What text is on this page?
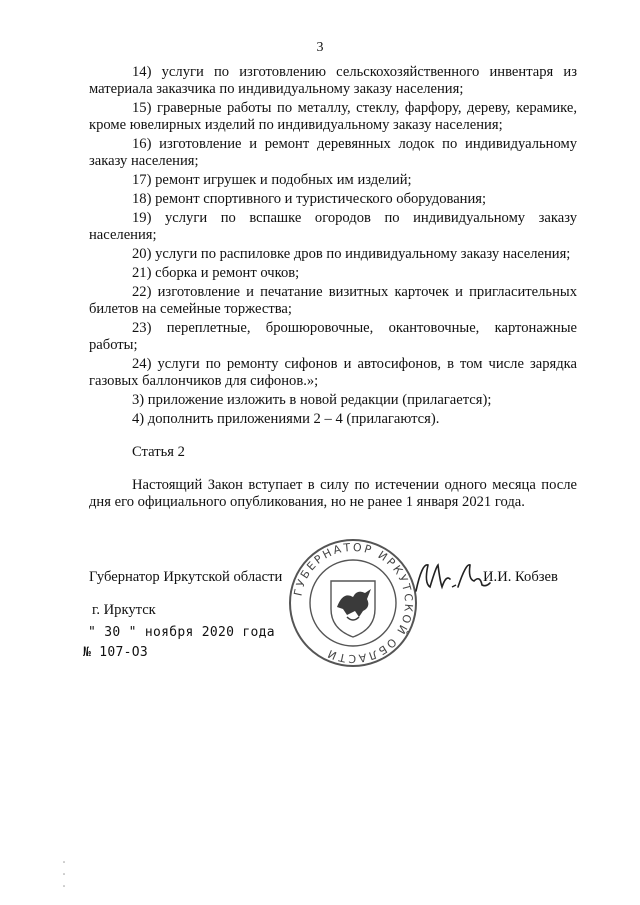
3

14) услуги по изготовлению сельскохозяйственного инвентаря из материала заказчика по индивидуальному заказу населения;

15) граверные работы по металлу, стеклу, фарфору, дереву, керамике, кроме ювелирных изделий по индивидуальному заказу населения;

16) изготовление и ремонт деревянных лодок по индивидуальному заказу населения;

17) ремонт игрушек и подобных им изделий;

18) ремонт спортивного и туристического оборудования;

19) услуги по вспашке огородов по индивидуальному заказу населения;

20) услуги по распиловке дров по индивидуальному заказу населения;

21) сборка и ремонт очков;

22) изготовление и печатание визитных карточек и пригласительных билетов на семейные торжества;

23) переплетные, брошюровочные, окантовочные, картонажные работы;

24) услуги по ремонту сифонов и автосифонов, в том числе зарядка газовых баллончиков для сифонов.»;

3) приложение изложить в новой редакции (прилагается);

4) дополнить приложениями 2 – 4 (прилагаются).

Статья 2

Настоящий Закон вступает в силу по истечении одного месяца после дня его официального опубликования, но не ранее 1 января 2021 года.

ГУБЕРНАТОР ИРКУТСКОЙ ОБЛАСТИ
Губернатор Иркутской области	И.И. Кобзев
г. Иркутск
" 30 " ноября 2020 года
№ 107-ОЗ
